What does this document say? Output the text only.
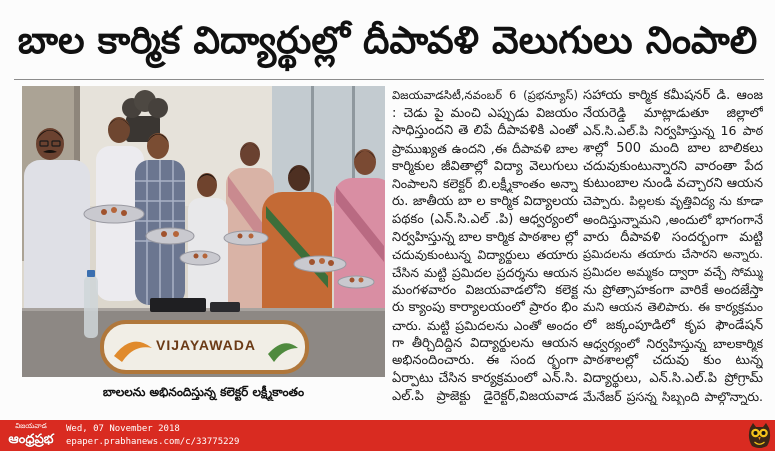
బాల కార్మిక విద్యార్థుల్లో దీపావళి వెలుగులు నింపాలి
VIJAYAWADA
బాలలను అభినందిస్తున్న కలెక్టర్ లక్ష్మీకాంతం
విజయవాడసిటీ,నవంబర్ 6 (ప్రభన్యూస్)
: చెడు పై మంచి ఎప్పుడు విజయం
సాధిస్తుందని తె లిపే దీపావళికి ఎంతో
ప్రాముఖ్యత ఉందని ,ఈ దీపావళి బాల
కార్మికుల జీవితాల్లో విద్యా వెలుగులు
నింపాలని కలెక్టర్ బి.లక్ష్మీకాంతం అన్నా
రు. జాతీయ బా ల కార్మిక విద్యాలయ
పథకం (ఎన్.సి.ఎల్ .పి) ఆధ్వర్యంలో
నిర్వహిస్తున్న బాల కార్మిక పాఠశాల ల్లో
చదువుకుంటున్న విద్యార్థులు తయారు
చేసిన మట్టి ప్రమిదల ప్రదర్శను ఆయన
మంగళవారం విజయవాడలోని కలెక్ట
రు క్యాంపు కార్యాలయంలో ప్రారం భిం
చారు. మట్టి ప్రమిదలను ఎంతో అందం
గా తీర్చిదిద్దిన విద్యార్థులను ఆయన
అభినందించారు. ఈ సంద ర్భంగా
ఏర్పాటు చేసిన కార్యక్రమంలో ఎన్.సి.
ఎల్.పి ప్రాజెక్టు డైరెక్టర్,విజయవాడ
సహాయ కార్మిక కమీషనర్ డి. ఆంజ
నేయరెడ్డి మాట్లాడుతూ జిల్లాలో
ఎన్.సి.ఎల్.పి నిర్వహిస్తున్న 16 పాఠ
శాల్లో 500 మంది బాల బాలికలు
చదువుకుంటున్నారని వారంతా పేద
కుటుంబాల నుండి వచ్చారని ఆయన
చెప్పారు. పిల్లలకు వృత్తివిద్య ను కూడా
అందిస్తున్నామని ,అందులో భాగంగానే
వారు దీపావళి సందర్భంగా మట్టి
ప్రమిదలను తయారు చేసారని అన్నారు.
ప్రమిదల అమ్మకం ద్వారా వచ్చే సోమ్ము
ను ప్రోత్సాహకంగా వారికే అందజేస్తా
మని ఆయన తెలిపారు. ఈ కార్యక్రమం
లో జక్కంపూడిలో కృప ఫౌండేషన్
ఆధ్వర్యంలో నిర్వహిస్తున్న బాలకార్మిక
పాఠశాలల్లో చదువు కుం టున్న
విద్యార్థులు, ఎన్.సి.ఎల్.పి ప్రోగ్రామ్
మేనేజర్ ప్రసన్న సిబ్బంది పాల్గొన్నారు.
విజయవాడ
ఆంధ్రప్రభ
Wed, 07 November 2018
epaper.prabhanews.com/c/33775229
